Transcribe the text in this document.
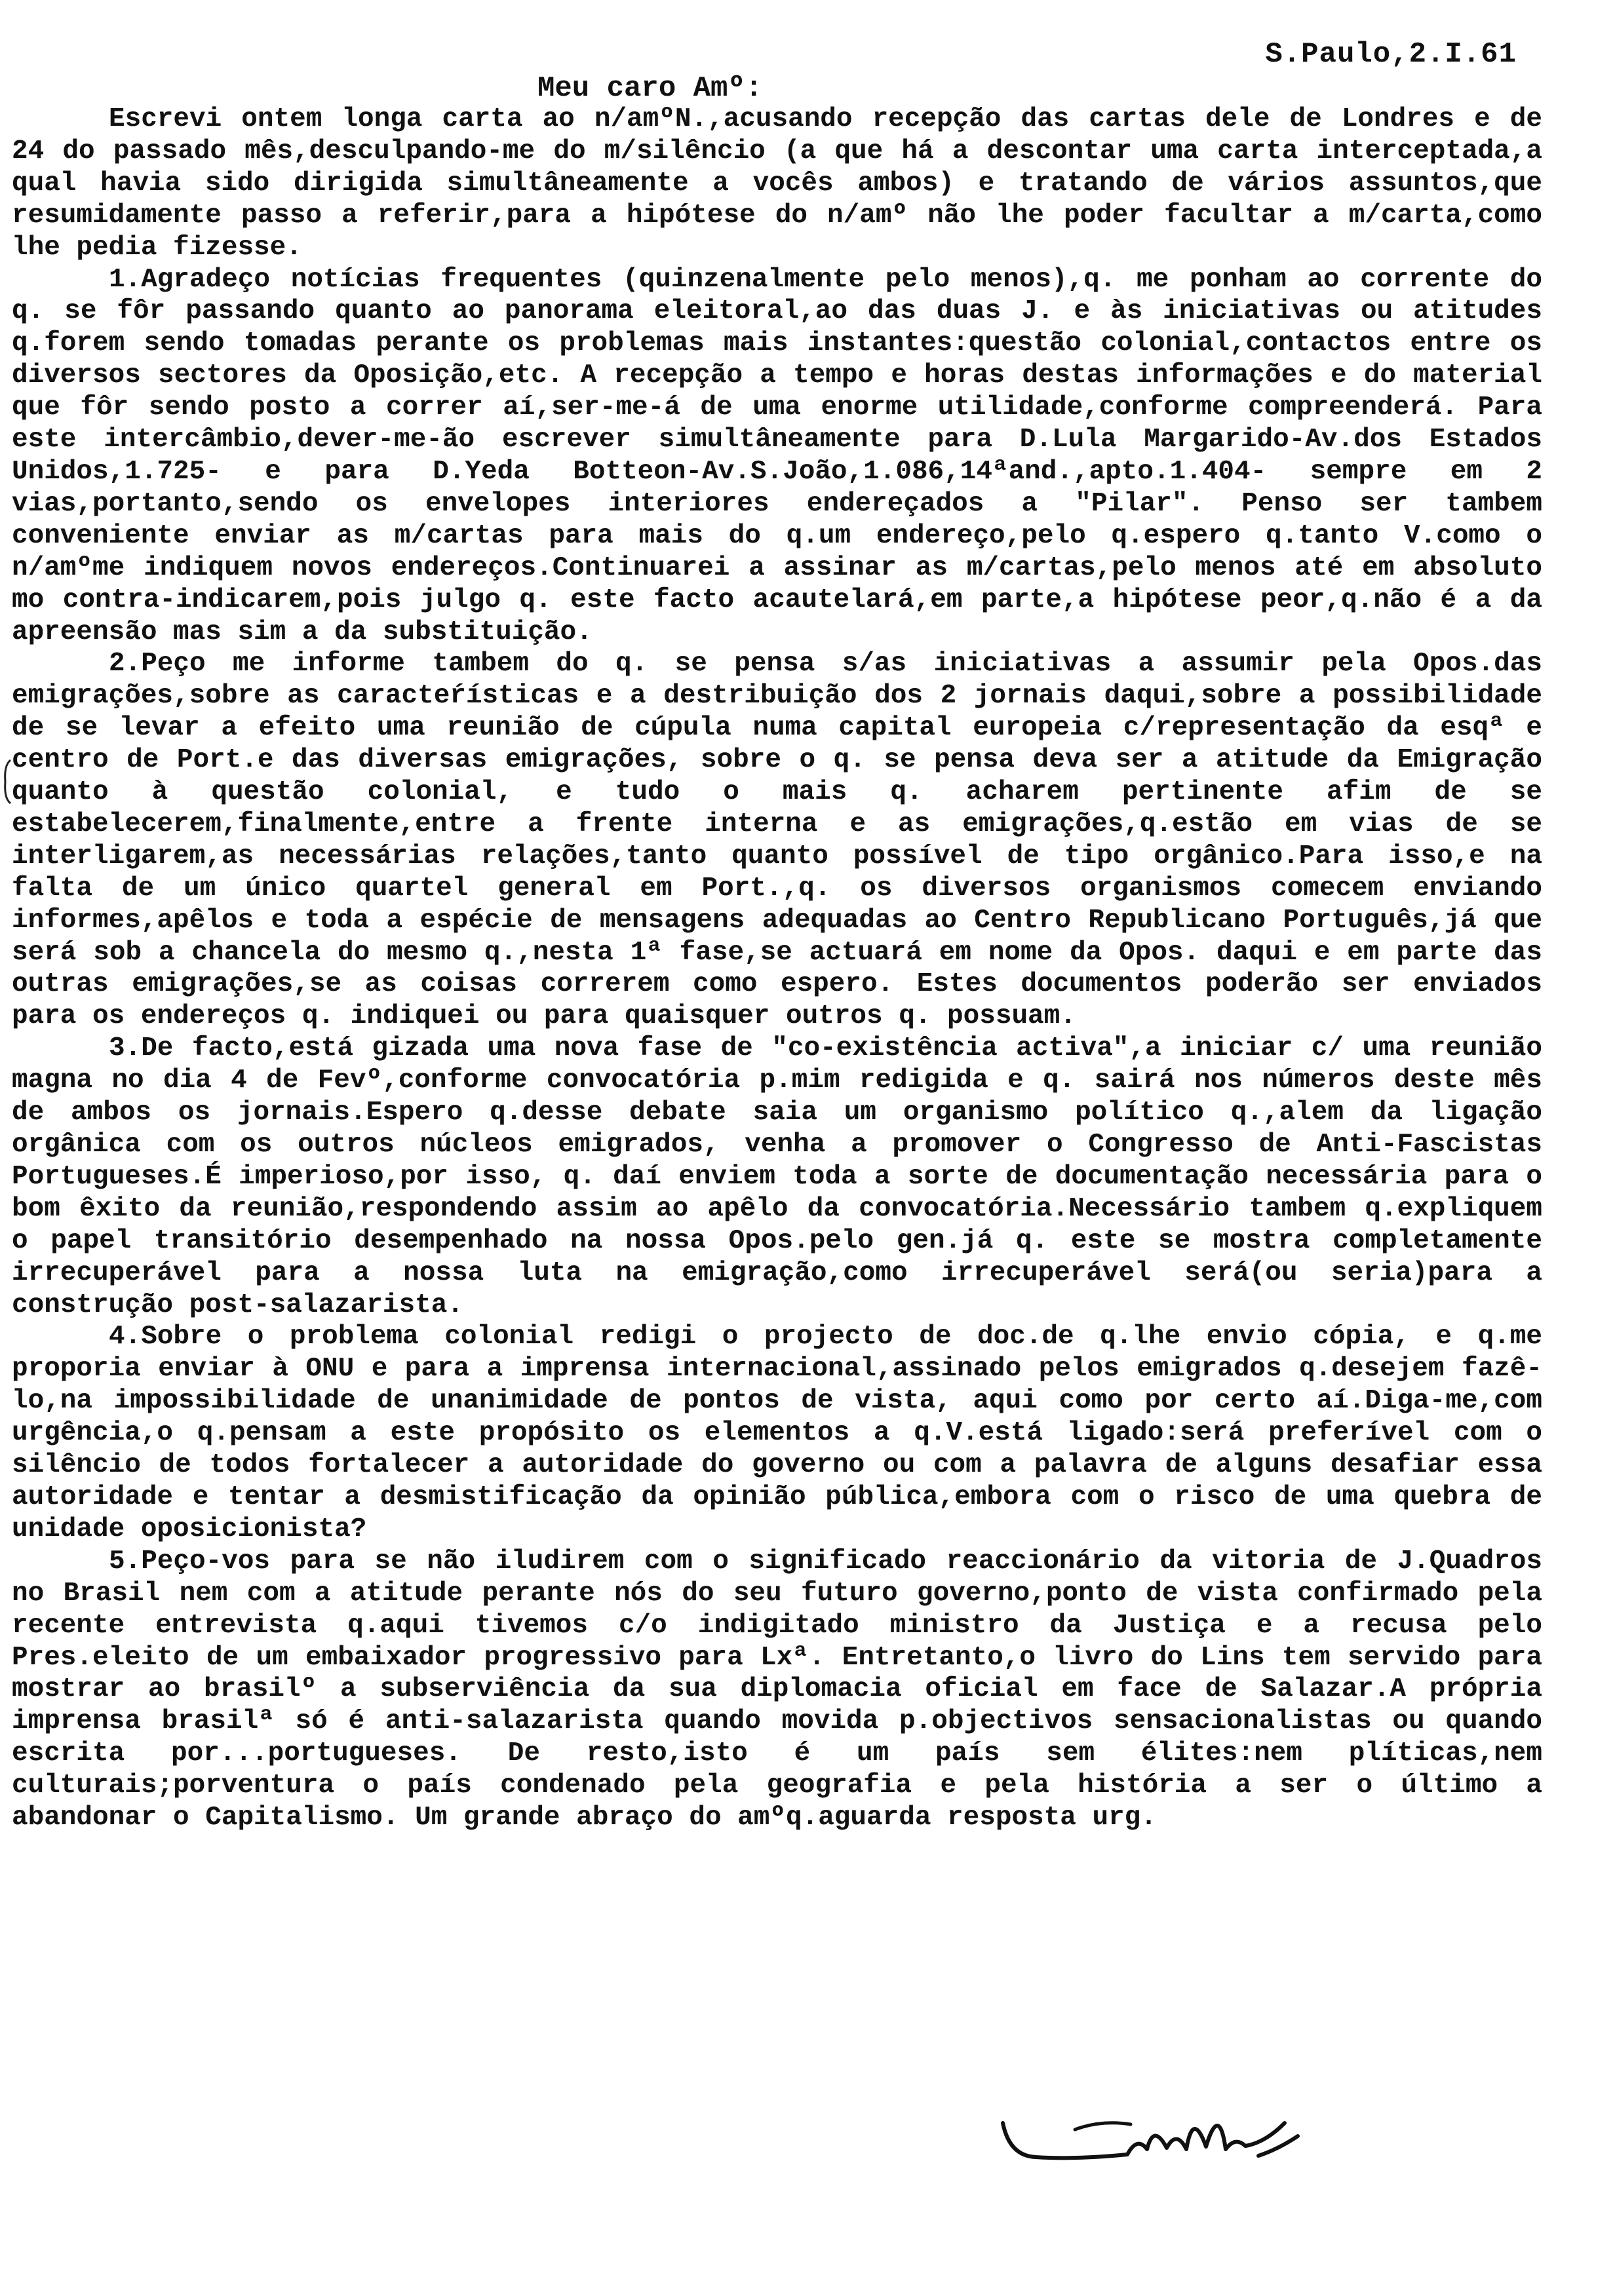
S.Paulo,2.I.61
Meu caro Amº:

Escrevi ontem longa carta ao n/amºN.,acusando recepção das cartas dele de Londres e de 24 do passado mês,desculpando-me do m/silêncio (a que há a descontar uma carta interceptada,a qual havia sido dirigida simultâneamente a vocês ambos) e tratando de vários assuntos,que resumidamente passo a referir,para a hipótese do n/amº não lhe poder facultar a m/carta,como lhe pedia fizesse.

1.Agradeço notícias frequentes (quinzenalmente pelo menos),q. me ponham ao corrente do q. se fôr passando quanto ao panorama eleitoral,ao das duas J. e às iniciativas ou atitudes q.forem sendo tomadas perante os problemas mais instantes:questão colonial,contactos entre os diversos sectores da Oposição,etc. A recepção a tempo e horas destas informações e do material que fôr sendo posto a correr aí,ser-me-á de uma enorme utilidade,conforme compreenderá. Para este intercâmbio,dever-me-ão escrever simultâneamente para D.Lula Margarido-Av.dos Estados Unidos,1.725- e para D.Yeda Botteon-Av.S.João,1.086,14ªand.,apto.1.404- sempre em 2 vias,portanto,sendo os envelopes interiores endereçados a "Pilar". Penso ser tambem conveniente enviar as m/cartas para mais do q.um endereço,pelo q.espero q.tanto V.como o n/amºme indiquem novos endereços.Continuarei a assinar as m/cartas,pelo menos até em absoluto mo contra-indicarem,pois julgo q. este facto acautelará,em parte,a hipótese peor,q.não é a da apreensão mas sim a da substituição.

2.Peço me informe tambem do q. se pensa s/as iniciativas a assumir pela Opos.das emigrações,sobre as caracteŕísticas e a destribuição dos 2 jornais daqui,sobre a possibilidade de se levar a efeito uma reunião de cúpula numa capital europeia c/representação da esqª e centro de Port.e das diversas emigrações, sobre o q. se pensa deva ser a atitude da Emigração quanto à questão colonial, e tudo o mais q. acharem pertinente afim de se estabelecerem,finalmente,entre a frente interna e as emigrações,q.estão em vias de se interligarem,as necessárias relações,tanto quanto possível de tipo orgânico.Para isso,e na falta de um único quartel general em Port.,q. os diversos organismos comecem enviando informes,apêlos e toda a espécie de mensagens adequadas ao Centro Republicano Português,já que será sob a chancela do mesmo q.,nesta 1ª fase,se actuará em nome da Opos. daqui e em parte das outras emigrações,se as coisas correrem como espero. Estes documentos poderão ser enviados para os endereços q. indiquei ou para quaisquer outros q. possuam.

3.De facto,está gizada uma nova fase de "co-existência activa",a iniciar c/ uma reunião magna no dia 4 de Fevº,conforme convocatória p.mim redigida e q. sairá nos números deste mês de ambos os jornais.Espero q.desse debate saia um organismo político q.,alem da ligação orgânica com os outros núcleos emigrados, venha a promover o Congresso de Anti-Fascistas Portugueses.É imperioso,por isso, q. daí enviem toda a sorte de documentação necessária para o bom êxito da reunião,respondendo assim ao apêlo da convocatória.Necessário tambem q.expliquem o papel transitório desempenhado na nossa Opos.pelo gen.já q. este se mostra completamente irrecuperável para a nossa luta na emigração,como irrecuperável será(ou seria)para a construção post-salazarista.

4.Sobre o problema colonial redigi o projecto de doc.de q.lhe envio cópia, e q.me proporia enviar à ONU e para a imprensa internacional,assinado pelos emigrados q.desejem fazê-lo,na impossibilidade de unanimidade de pontos de vista, aqui como por certo aí.Diga-me,com urgência,o q.pensam a este propósito os elementos a q.V.está ligado:será preferível com o silêncio de todos fortalecer a autoridade do governo ou com a palavra de alguns desafiar essa autoridade e tentar a desmistificação da opinião pública,embora com o risco de uma quebra de unidade oposicionista?

5.Peço-vos para se não iludirem com o significado reaccionário da vitoria de J.Quadros no Brasil nem com a atitude perante nós do seu futuro governo,ponto de vista confirmado pela recente entrevista q.aqui tivemos c/o indigitado ministro da Justiça e a recusa pelo Pres.eleito de um embaixador progressivo para Lxª. Entretanto,o livro do Lins tem servido para mostrar ao brasilº a subserviência da sua diplomacia oficial em face de Salazar.A própria imprensa brasilª só é anti-salazarista quando movida p.objectivos sensacionalistas ou quando escrita por...portugueses. De resto,isto é um país sem élites:nem plíticas,nem culturais;porventura o país condenado pela geografia e pela história a ser o último a abandonar o Capitalismo. Um grande abraço do amºq.aguarda resposta urg.
